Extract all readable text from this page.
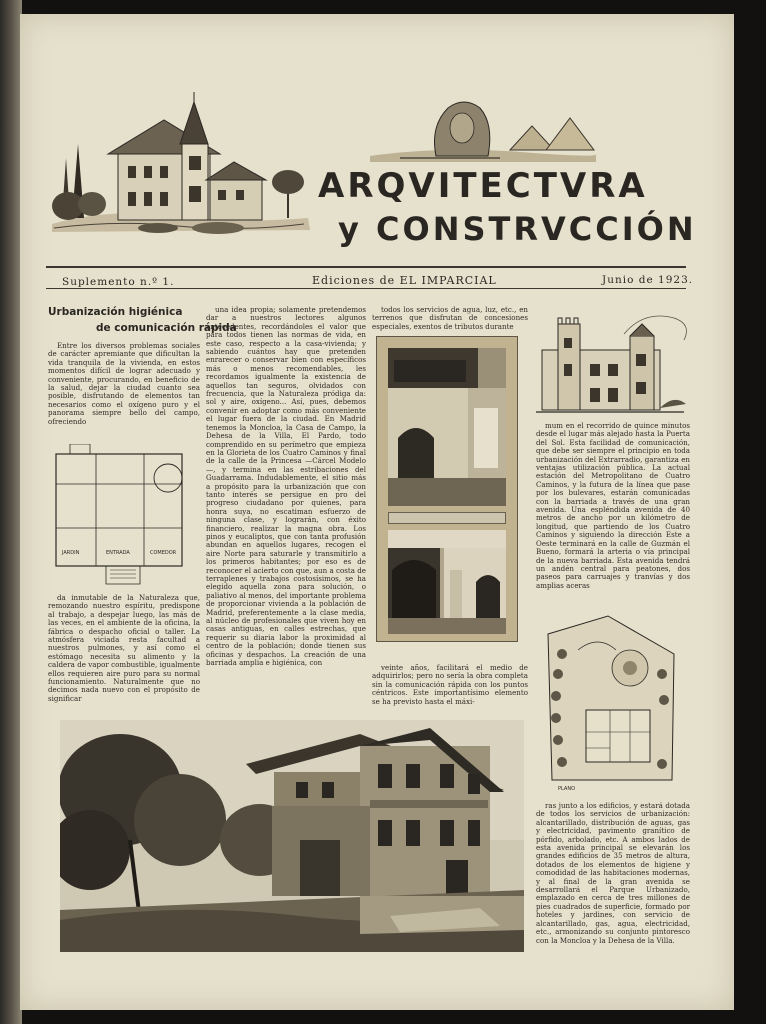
ARQVITECTVRA
y CONSTRVCCIÓN
Suplemento n.º 1.	Ediciones de EL IMPARCIAL	Junio de 1923.
Urbanización higiénica
de comunicación rápida

Entre los diversos problemas sociales de carácter apremiante que dificultan la vida tranquila de la vivienda, en estos momentos difícil de lograr adecuado y conveniente, procurando, en beneficio de la salud, dejar la ciudad cuanto sea posible, disfrutando de elementos tan necesarios como el oxígeno puro y el panorama siempre bello del campo, ofreciendo

JARDIN	ENTRADA	COMEDOR

da inmutable de la Naturaleza que, remozando nuestro espíritu, predispone al trabajo, a despejar luego, las más de las veces, en el ambiente de la oficina, la fábrica o despacho oficial o taller. La atmósfera viciada resta facultad a nuestros pulmones, y así como el estómago necesita su alimento y la caldera de vapor combustible, igualmente ellos requieren aire puro para su normal funcionamiento. Naturalmente que no decimos nada nuevo con el propósito de significar

una idea propia; solamente pretendemos dar a nuestros lectores algunos antecedentes, recordándoles el valor que para todos tienen las normas de vida, en este caso, respecto a la casa-vivienda; y sabiendo cuántos hay que pretenden enrarecer o conservar bien con específicos más o menos recomendables, les recordamos igualmente la existencia de aquellos tan seguros, olvidados con frecuencia, que la Naturaleza pródiga da: sol y aire, oxígeno... Así, pues, debemos convenir en adoptar como más conveniente el lugar fuera de la ciudad. En Madrid tenemos la Moncloa, la Casa de Campo, la Dehesa de la Villa, El Pardo, todo comprendido en su perímetro que empieza en la Glorieta de los Cuatro Caminos y final de la calle de la Princesa —Cárcel Modelo—, y termina en las estribaciones del Guadarrama. Indudablemente, el sitio más a propósito para la urbanización que con tanto interés se persigue en pro del progreso ciudadano por quienes, para honra suya, no escatiman esfuerzo de ninguna clase, y lograrán, con éxito financiero, realizar la magna obra. Los pinos y eucaliptos, que con tanta profusión abundan en aquellos lugares, recogen el aire Norte para saturarle y transmitirlo a los primeros habitantes; por eso es de reconocer el acierto con que, aun a costa de terraplenes y trabajos costosísimos, se ha elegido aquella zona para solución, o paliativo al menos, del importante problema de proporcionar vivienda a la población de Madrid, preferentemente a la clase media, al núcleo de profesionales que viven hoy en casas antiguas, en calles estrechas, que requerir su diaria labor la proximidad al centro de la población; donde tienen sus oficinas y despachos. La creación de una barriada amplia e higiénica, con

todos los servicios de agua, luz, etc., en terrenos que disfrutan de concesiones especiales, exentos de tributos durante

veinte años, facilitará el medio de adquirirlos; pero no sería la obra completa sin la comunicación rápida con los puntos céntricos. Este importantísimo elemento se ha previsto hasta el máxi-

mum en el recorrido de quince minutos desde el lugar más alejado hasta la Puerta del Sol. Esta facilidad de comunicación, que debe ser siempre el principio en toda urbanización del Extrarradio, garantiza en ventajas utilización pública. La actual estación del Metropolitano de Cuatro Caminos, y la futura de la línea que pase por los bulevares, estarán comunicadas con la barriada a través de una gran avenida. Una espléndida avenida de 40 metros de ancho por un kilómetro de longitud, que partiendo de los Cuatro Caminos y siguiendo la dirección Este a Oeste terminará en la calle de Guzmán el Bueno, formará la arteria o vía principal de la nueva barriada. Esta avenida tendrá un andén central para peatones, dos paseos para carruajes y tranvías y dos amplias aceras

PLANO

ras junto a los edificios, y estará dotada de todos los servicios de urbanización: alcantarillado, distribución de aguas, gas y electricidad, pavimento granítico de pórfido, arbolado, etc. A ambos lados de esta avenida principal se elevarán los grandes edificios de 35 metros de altura, dotados de los elementos de higiene y comodidad de las habitaciones modernas, y al final de la gran avenida se desarrollará el Parque Urbanizado, emplazado en cerca de tres millones de pies cuadrados de superficie, formado por hoteles y jardines, con servicio de alcantarillado, gas, agua, electricidad, etc., armonizando su conjunto pintoresco con la Moncloa y la Dehesa de la Villa.
